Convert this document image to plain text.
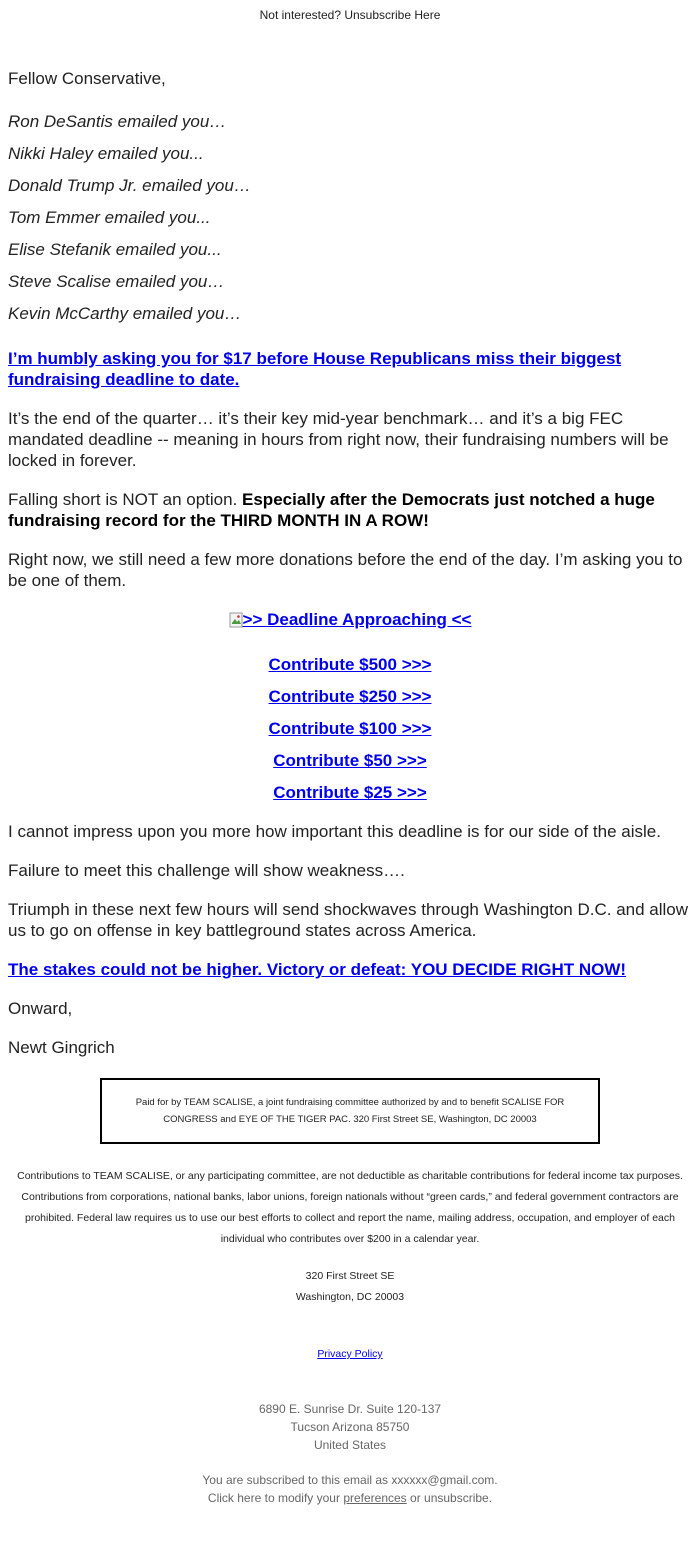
Not interested? Unsubscribe Here

Fellow Conservative,

Ron DeSantis emailed you…

Nikki Haley emailed you...

Donald Trump Jr. emailed you…

Tom Emmer emailed you...

Elise Stefanik emailed you...

Steve Scalise emailed you…

Kevin McCarthy emailed you…

I’m humbly asking you for $17 before House Republicans miss their biggest fundraising deadline to date.
It’s the end of the quarter… it’s their key mid-year benchmark… and it’s a big FEC mandated deadline -- meaning in hours from right now, their fundraising numbers will be locked in forever.
Falling short is NOT an option. Especially after the Democrats just notched a huge fundraising record for the THIRD MONTH IN A ROW!
Right now, we still need a few more donations before the end of the day. I’m asking you to be one of them.
>> Deadline Approaching <<
Contribute $500 >>>
Contribute $250 >>>
Contribute $100 >>>
Contribute $50 >>>
Contribute $25 >>>
I cannot impress upon you more how important this deadline is for our side of the aisle.
Failure to meet this challenge will show weakness….
Triumph in these next few hours will send shockwaves through Washington D.C. and allow us to go on offense in key battleground states across America.
The stakes could not be higher. Victory or defeat: YOU DECIDE RIGHT NOW!
Onward,
Newt Gingrich
Paid for by TEAM SCALISE, a joint fundraising committee authorized by and to benefit SCALISE FOR CONGRESS and EYE OF THE TIGER PAC. 320 First Street SE, Washington, DC 20003
Contributions to TEAM SCALISE, or any participating committee, are not deductible as charitable contributions for federal income tax purposes. Contributions from corporations, national banks, labor unions, foreign nationals without “green cards,” and federal government contractors are prohibited. Federal law requires us to use our best efforts to collect and report the name, mailing address, occupation, and employer of each individual who contributes over $200 in a calendar year.
320 First Street SE
Washington, DC 20003
Privacy Policy
6890 E. Sunrise Dr. Suite 120-137
Tucson Arizona 85750
United States
You are subscribed to this email as xxxxxx@gmail.com.
Click here to modify your preferences or unsubscribe.
